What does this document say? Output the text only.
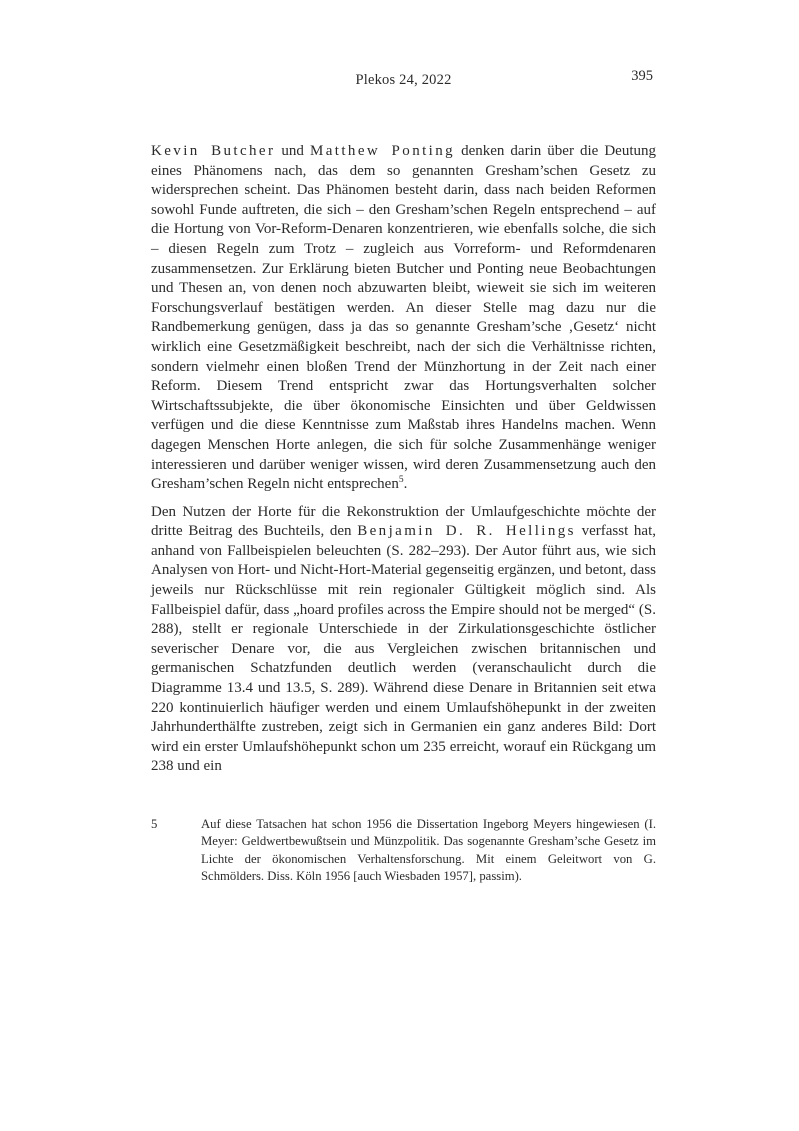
Plekos 24, 2022	395

Kevin Butcher und Matthew Ponting denken darin über die Deutung eines Phänomens nach, das dem so genannten Gresham’schen Gesetz zu widersprechen scheint. Das Phänomen besteht darin, dass nach beiden Reformen sowohl Funde auftreten, die sich – den Gresham’schen Regeln entsprechend – auf die Hortung von Vor-Reform-Denaren konzentrieren, wie ebenfalls solche, die sich – diesen Regeln zum Trotz – zugleich aus Vorreform- und Reformdenaren zusammensetzen. Zur Erklärung bieten Butcher und Ponting neue Beobachtungen und Thesen an, von denen noch abzuwarten bleibt, wieweit sie sich im weiteren Forschungsverlauf bestätigen werden. An dieser Stelle mag dazu nur die Randbemerkung genügen, dass ja das so genannte Gresham’sche ‚Gesetz‘ nicht wirklich eine Gesetzmäßigkeit beschreibt, nach der sich die Verhältnisse richten, sondern vielmehr einen bloßen Trend der Münzhortung in der Zeit nach einer Reform. Diesem Trend entspricht zwar das Hortungsverhalten solcher Wirtschaftssubjekte, die über ökonomische Einsichten und über Geldwissen verfügen und die diese Kenntnisse zum Maßstab ihres Handelns machen. Wenn dagegen Menschen Horte anlegen, die sich für solche Zusammenhänge weniger interessieren und darüber weniger wissen, wird deren Zusammensetzung auch den Gresham’schen Regeln nicht entsprechen$^5$.

Den Nutzen der Horte für die Rekonstruktion der Umlaufgeschichte möchte der dritte Beitrag des Buchteils, den Benjamin D. R. Hellings verfasst hat, anhand von Fallbeispielen beleuchten (S. 282–293). Der Autor führt aus, wie sich Analysen von Hort- und Nicht-Hort-Material gegenseitig ergänzen, und betont, dass jeweils nur Rückschlüsse mit rein regionaler Gültigkeit möglich sind. Als Fallbeispiel dafür, dass „hoard profiles across the Empire should not be merged“ (S. 288), stellt er regionale Unterschiede in der Zirkulationsgeschichte östlicher severischer Denare vor, die aus Vergleichen zwischen britannischen und germanischen Schatzfunden deutlich werden (veranschaulicht durch die Diagramme 13.4 und 13.5, S. 289). Während diese Denare in Britannien seit etwa 220 kontinuierlich häufiger werden und einem Umlaufshöhepunkt in der zweiten Jahrhunderthälfte zustreben, zeigt sich in Germanien ein ganz anderes Bild: Dort wird ein erster Umlaufshöhepunkt schon um 235 erreicht, worauf ein Rückgang um 238 und ein

5	Auf diese Tatsachen hat schon 1956 die Dissertation Ingeborg Meyers hingewiesen (I. Meyer: Geldwertbewußtsein und Münzpolitik. Das sogenannte Gresham’sche Gesetz im Lichte der ökonomischen Verhaltensforschung. Mit einem Geleitwort von G. Schmölders. Diss. Köln 1956 [auch Wiesbaden 1957], passim).
